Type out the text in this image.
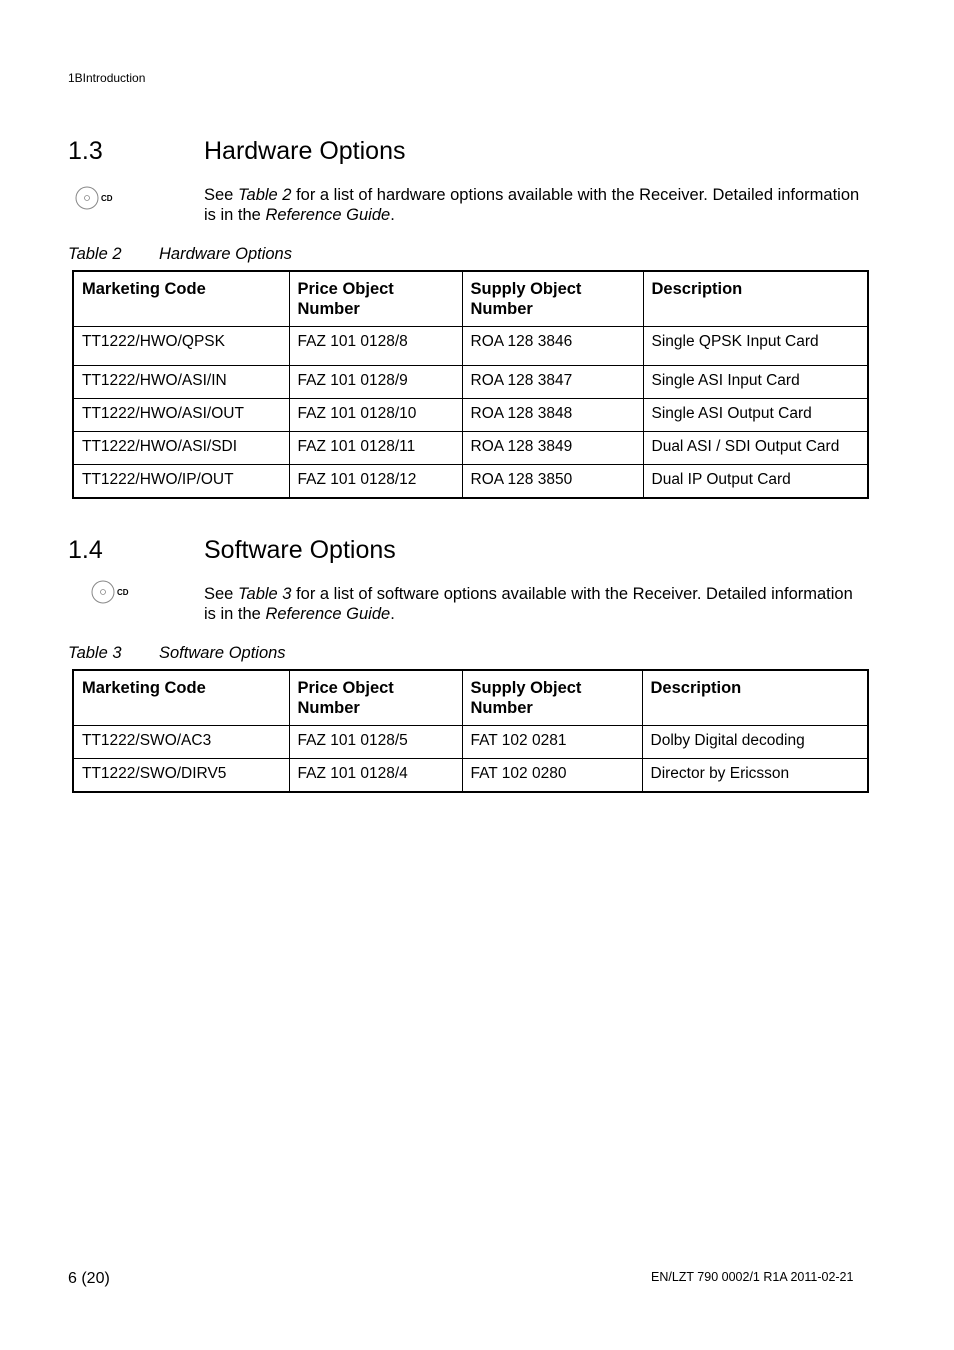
1BIntroduction
1.3	Hardware Options
CD	See Table 2 for a list of hardware options available with the Receiver. Detailed information is in the Reference Guide.
Table 2 Hardware Options
Marketing Code	Price Object Number	Supply Object Number	Description
TT1222/HWO/QPSK	FAZ 101 0128/8	ROA 128 3846	Single QPSK Input Card
TT1222/HWO/ASI/IN	FAZ 101 0128/9	ROA 128 3847	Single ASI Input Card
TT1222/HWO/ASI/OUT	FAZ 101 0128/10	ROA 128 3848	Single ASI Output Card
TT1222/HWO/ASI/SDI	FAZ 101 0128/11	ROA 128 3849	Dual ASI / SDI Output Card
TT1222/HWO/IP/OUT	FAZ 101 0128/12	ROA 128 3850	Dual IP Output Card
1.4	Software Options
CD	See Table 3 for a list of software options available with the Receiver. Detailed information is in the Reference Guide.
Table 3 Software Options
Marketing Code	Price Object Number	Supply Object Number	Description
TT1222/SWO/AC3	FAZ 101 0128/5	FAT 102 0281	Dolby Digital decoding
TT1222/SWO/DIRV5	FAZ 101 0128/4	FAT 102 0280	Director by Ericsson
6 (20)	EN/LZT 790 0002/1 R1A 2011-02-21
